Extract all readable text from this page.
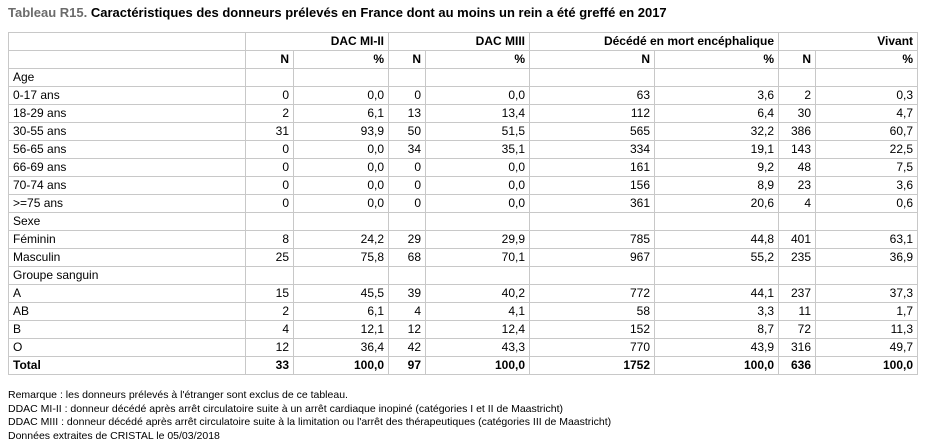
Tableau R15. Caractéristiques des donneurs prélevés en France dont au moins un rein a été greffé en 2017
	DAC MI-II		DAC MIII		Décédé en mort encéphalique		Vivant	
	N	%	N	%	N	%	N	%
Age								
0-17 ans	0	0,0	0	0,0	63	3,6	2	0,3
18-29 ans	2	6,1	13	13,4	112	6,4	30	4,7
30-55 ans	31	93,9	50	51,5	565	32,2	386	60,7
56-65 ans	0	0,0	34	35,1	334	19,1	143	22,5
66-69 ans	0	0,0	0	0,0	161	9,2	48	7,5
70-74 ans	0	0,0	0	0,0	156	8,9	23	3,6
>=75 ans	0	0,0	0	0,0	361	20,6	4	0,6
Sexe								
Féminin	8	24,2	29	29,9	785	44,8	401	63,1
Masculin	25	75,8	68	70,1	967	55,2	235	36,9
Groupe sanguin								
A	15	45,5	39	40,2	772	44,1	237	37,3
AB	2	6,1	4	4,1	58	3,3	11	1,7
B	4	12,1	12	12,4	152	8,7	72	11,3
O	12	36,4	42	43,3	770	43,9	316	49,7
Total	33	100,0	97	100,0	1752	100,0	636	100,0
Remarque : les donneurs prélevés à l'étranger sont exclus de ce tableau.
DDAC MI-II : donneur décédé après arrêt circulatoire suite à un arrêt cardiaque inopiné (catégories I et II de Maastricht)
DDAC MIII : donneur décédé après arrêt circulatoire suite à la limitation ou l'arrêt des thérapeutiques (catégories III de Maastricht)
Données extraites de CRISTAL le 05/03/2018
